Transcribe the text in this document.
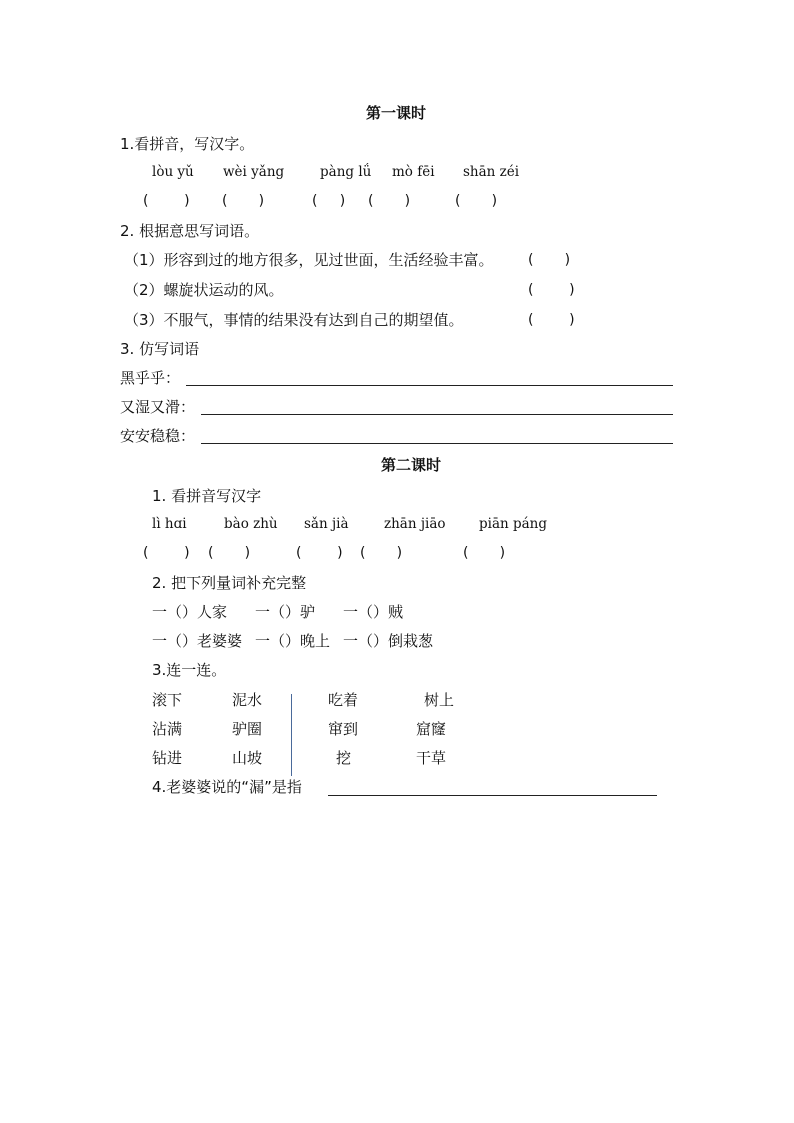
第一课时
1.看拼音，写汉字。
lòu yǔ wèi yǎng	pàng lǘ mò fēi shān zéi
(        ) (       )	(     ) (       )	(       )
2. 根据意思写词语。
（1）形容到过的地方很多，见过世面，生活经验丰富。 (       )
（2）螺旋状运动的风。	(        )
（3）不服气，事情的结果没有达到自己的期望值。	(        )
3. 仿写词语
黑乎乎：
又湿又滑：
安安稳稳：
第二课时
1. 看拼音写汉字
lì hɑi	bào zhù sǎn jià	zhān jiāo piān páng
(        ) (       )	(        ) (       )	(       )
2. 把下列量词补充完整
一（）人家 一（）驴 一（）贼
一（）老婆婆 一（）晚上 一（）倒栽葱
3.连一连。
滚下	泥水
沾满	驴圈
钻进	山坡
吃着	树上
窜到	窟窿
挖	干草
4.老婆婆说的“漏”是指
